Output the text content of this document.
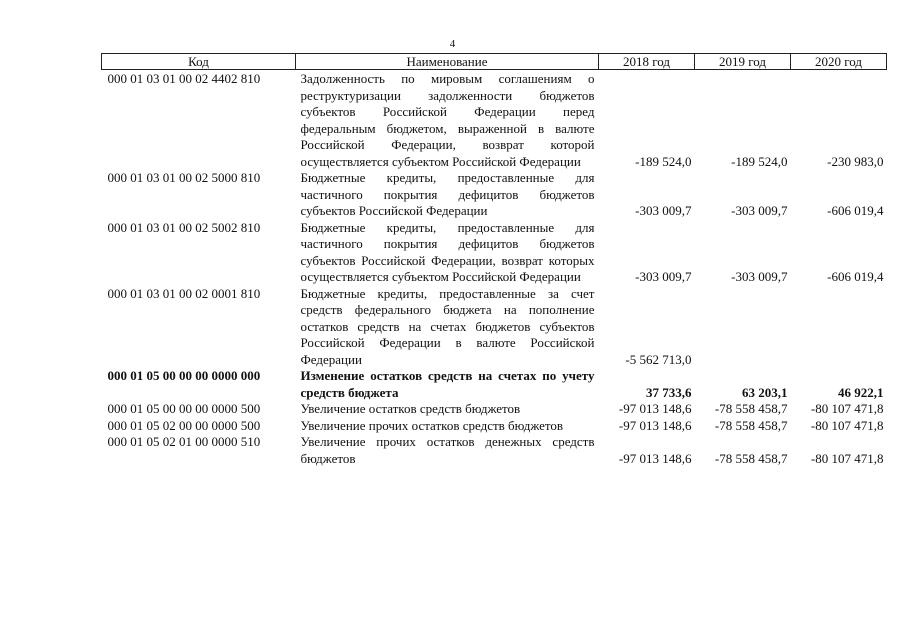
4
Код	Наименование	2018 год	2019 год	2020 год

000 01 03 01 00 02 4402 810	Задолженность по мировым соглашениям о реструктуризации задолженности бюджетов субъектов Российской Федерации перед федеральным бюджетом, выраженной в валюте Российской Федерации, возврат которой осуществляется субъектом Российской Федерации	-189 524,0	-189 524,0	-230 983,0
000 01 03 01 00 02 5000 810	Бюджетные кредиты, предоставленные для частичного покрытия дефицитов бюджетов субъектов Российской Федерации	-303 009,7	-303 009,7	-606 019,4
000 01 03 01 00 02 5002 810	Бюджетные кредиты, предоставленные для частичного покрытия дефицитов бюджетов субъектов Российской Федерации, возврат которых осуществляется субъектом Российской Федерации	-303 009,7	-303 009,7	-606 019,4
000 01 03 01 00 02 0001 810	Бюджетные кредиты, предоставленные за счет средств федерального бюджета на пополнение остатков средств на счетах бюджетов субъектов Российской Федерации в валюте Российской Федерации	-5 562 713,0		
000 01 05 00 00 00 0000 000	Изменение остатков средств на счетах по учету средств бюджета	37 733,6	63 203,1	46 922,1
000 01 05 00 00 00 0000 500	Увеличение остатков средств бюджетов	-97 013 148,6	-78 558 458,7	-80 107 471,8
000 01 05 02 00 00 0000 500	Увеличение прочих остатков средств бюджетов	-97 013 148,6	-78 558 458,7	-80 107 471,8
000 01 05 02 01 00 0000 510	Увеличение прочих остатков денежных средств бюджетов	-97 013 148,6	-78 558 458,7	-80 107 471,8
